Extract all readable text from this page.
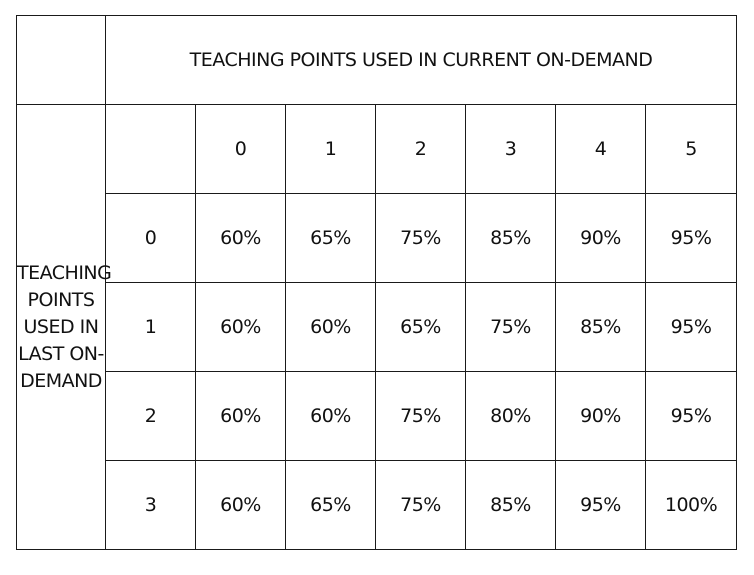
	TEACHING POINTS USED IN CURRENT ON-DEMAND						
TEACHING POINTS USED IN LAST ON-DEMAND		0	1	2	3	4	5
	0	60%	65%	75%	85%	90%	95%
	1	60%	60%	65%	75%	85%	95%
	2	60%	60%	75%	80%	90%	95%
	3	60%	65%	75%	85%	95%	100%
